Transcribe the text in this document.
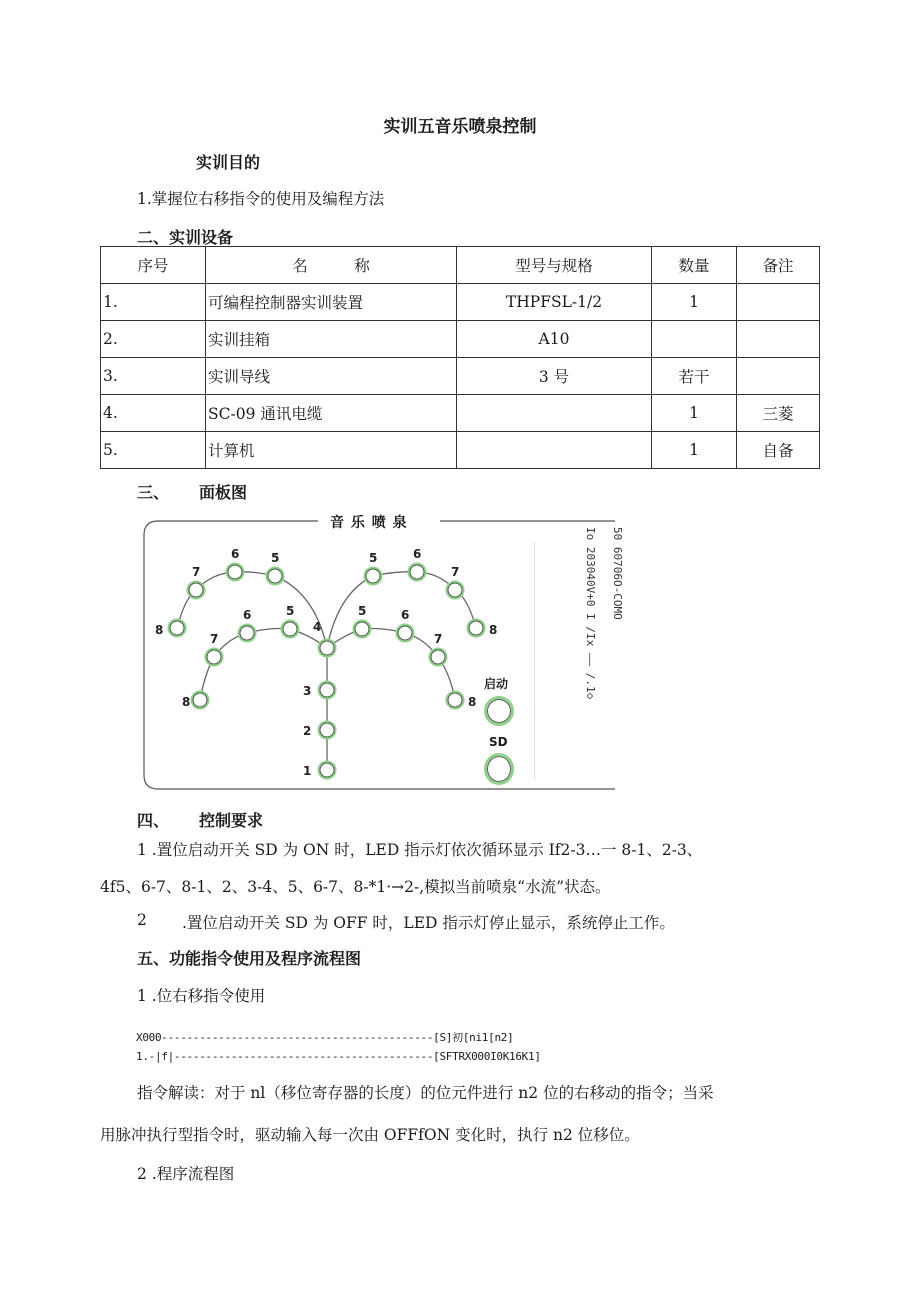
实训五音乐喷泉控制
实训目的
1.掌握位右移指令的使用及编程方法
二、实训设备
序号	名　　　称	型号与规格	数量	备注
1.	可编程控制器实训装置	THPFSL-1/2	1	
2.	实训挂箱	A10		
3.	实训导线	3 号	若干	
4.	SC-09 通讯电缆		1	三菱
5.	计算机		1	自备
三、 面板图
1
2
3
4
5
6
7
8
5	6
7
8
5
6
7
8
5	6
7
8
音 乐 喷 泉
启动
SD
50 60706O-COMO
Io 203040V+0 I /Ix —— /.1◇
四、 控制要求
1 .置位启动开关 SD 为 ON 时，LED 指示灯依次循环显示 If2-3…一 8-1、2-3、
4f5、6-7、8-1、2、3-4、5、6-7、8-*1·→2-,模拟当前喷泉“水流”状态。
2 .置位启动开关 SD 为 OFF 时，LED 指示灯停止显示，系统停止工作。
五、功能指令使用及程序流程图
1 .位右移指令使用
X000-------------------------------------------[S]初[ni1[n2]
1.-|f|-----------------------------------------[SFTRX000I0K16K1]
指令解读：对于 nl（移位寄存器的长度）的位元件进行 n2 位的右移动的指令；当采
用脉冲执行型指令时，驱动输入每一次由 OFFfON 变化时，执行 n2 位移位。
2 .程序流程图
